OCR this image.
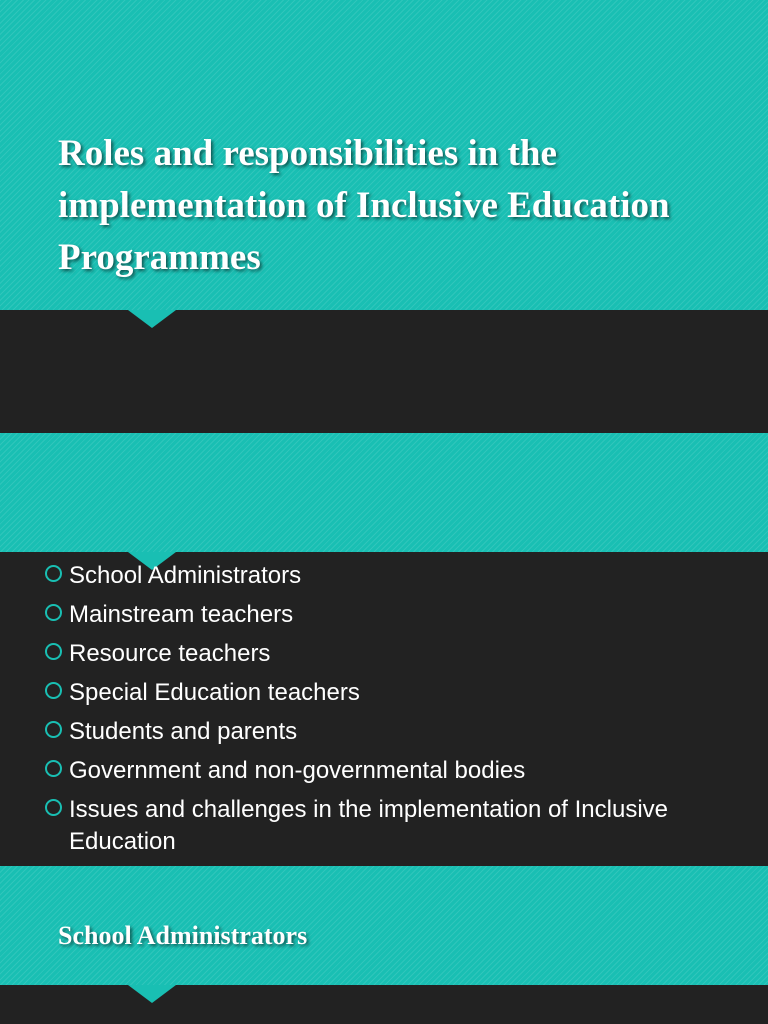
Roles and responsibilities in the implementation of Inclusive Education Programmes
School Administrators
Mainstream teachers
Resource teachers
Special Education teachers
Students and parents
Government and non-governmental bodies
Issues and challenges in the implementation of Inclusive Education
School Administrators
